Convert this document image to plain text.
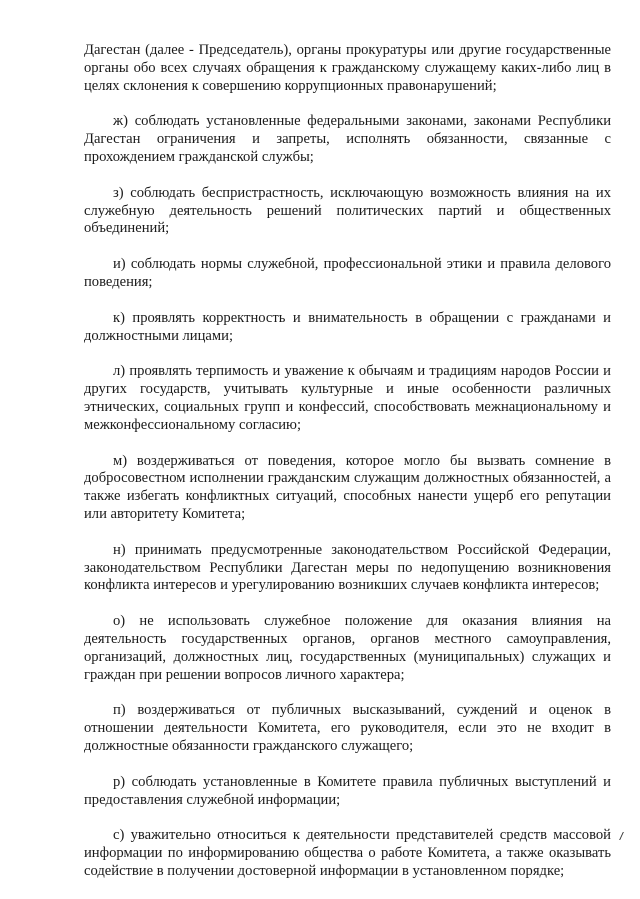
Дагестан (далее - Председатель), органы прокуратуры или другие государственные органы обо всех случаях обращения к гражданскому служащему каких-либо лиц в целях склонения к совершению коррупционных правонарушений;

ж) соблюдать установленные федеральными законами, законами Республики Дагестан ограничения и запреты, исполнять обязанности, связанные с прохождением гражданской службы;

з) соблюдать беспристрастность, исключающую возможность влияния на их служебную деятельность решений политических партий и общественных объединений;

и) соблюдать нормы служебной, профессиональной этики и правила делового поведения;

к) проявлять корректность и внимательность в обращении с гражданами и должностными лицами;

л) проявлять терпимость и уважение к обычаям и традициям народов России и других государств, учитывать культурные и иные особенности различных этнических, социальных групп и конфессий, способствовать межнациональному и межконфессиональному согласию;

м) воздерживаться от поведения, которое могло бы вызвать сомнение в добросовестном исполнении гражданским служащим должностных обязанностей, а также избегать конфликтных ситуаций, способных нанести ущерб его репутации или авторитету Комитета;

н) принимать предусмотренные законодательством Российской Федерации, законодательством Республики Дагестан меры по недопущению возникновения конфликта интересов и урегулированию возникших случаев конфликта интересов;

о) не использовать служебное положение для оказания влияния на деятельность государственных органов, органов местного самоуправления, организаций, должностных лиц, государственных (муниципальных) служащих и граждан при решении вопросов личного характера;

п) воздерживаться от публичных высказываний, суждений и оценок в отношении деятельности Комитета, его руководителя, если это не входит в должностные обязанности гражданского служащего;

р) соблюдать установленные в Комитете правила публичных выступлений и предоставления служебной информации;

с) уважительно относиться к деятельности представителей средств массовой информации по информированию общества о работе Комитета, а также оказывать содействие в получении достоверной информации в установленном порядке;
